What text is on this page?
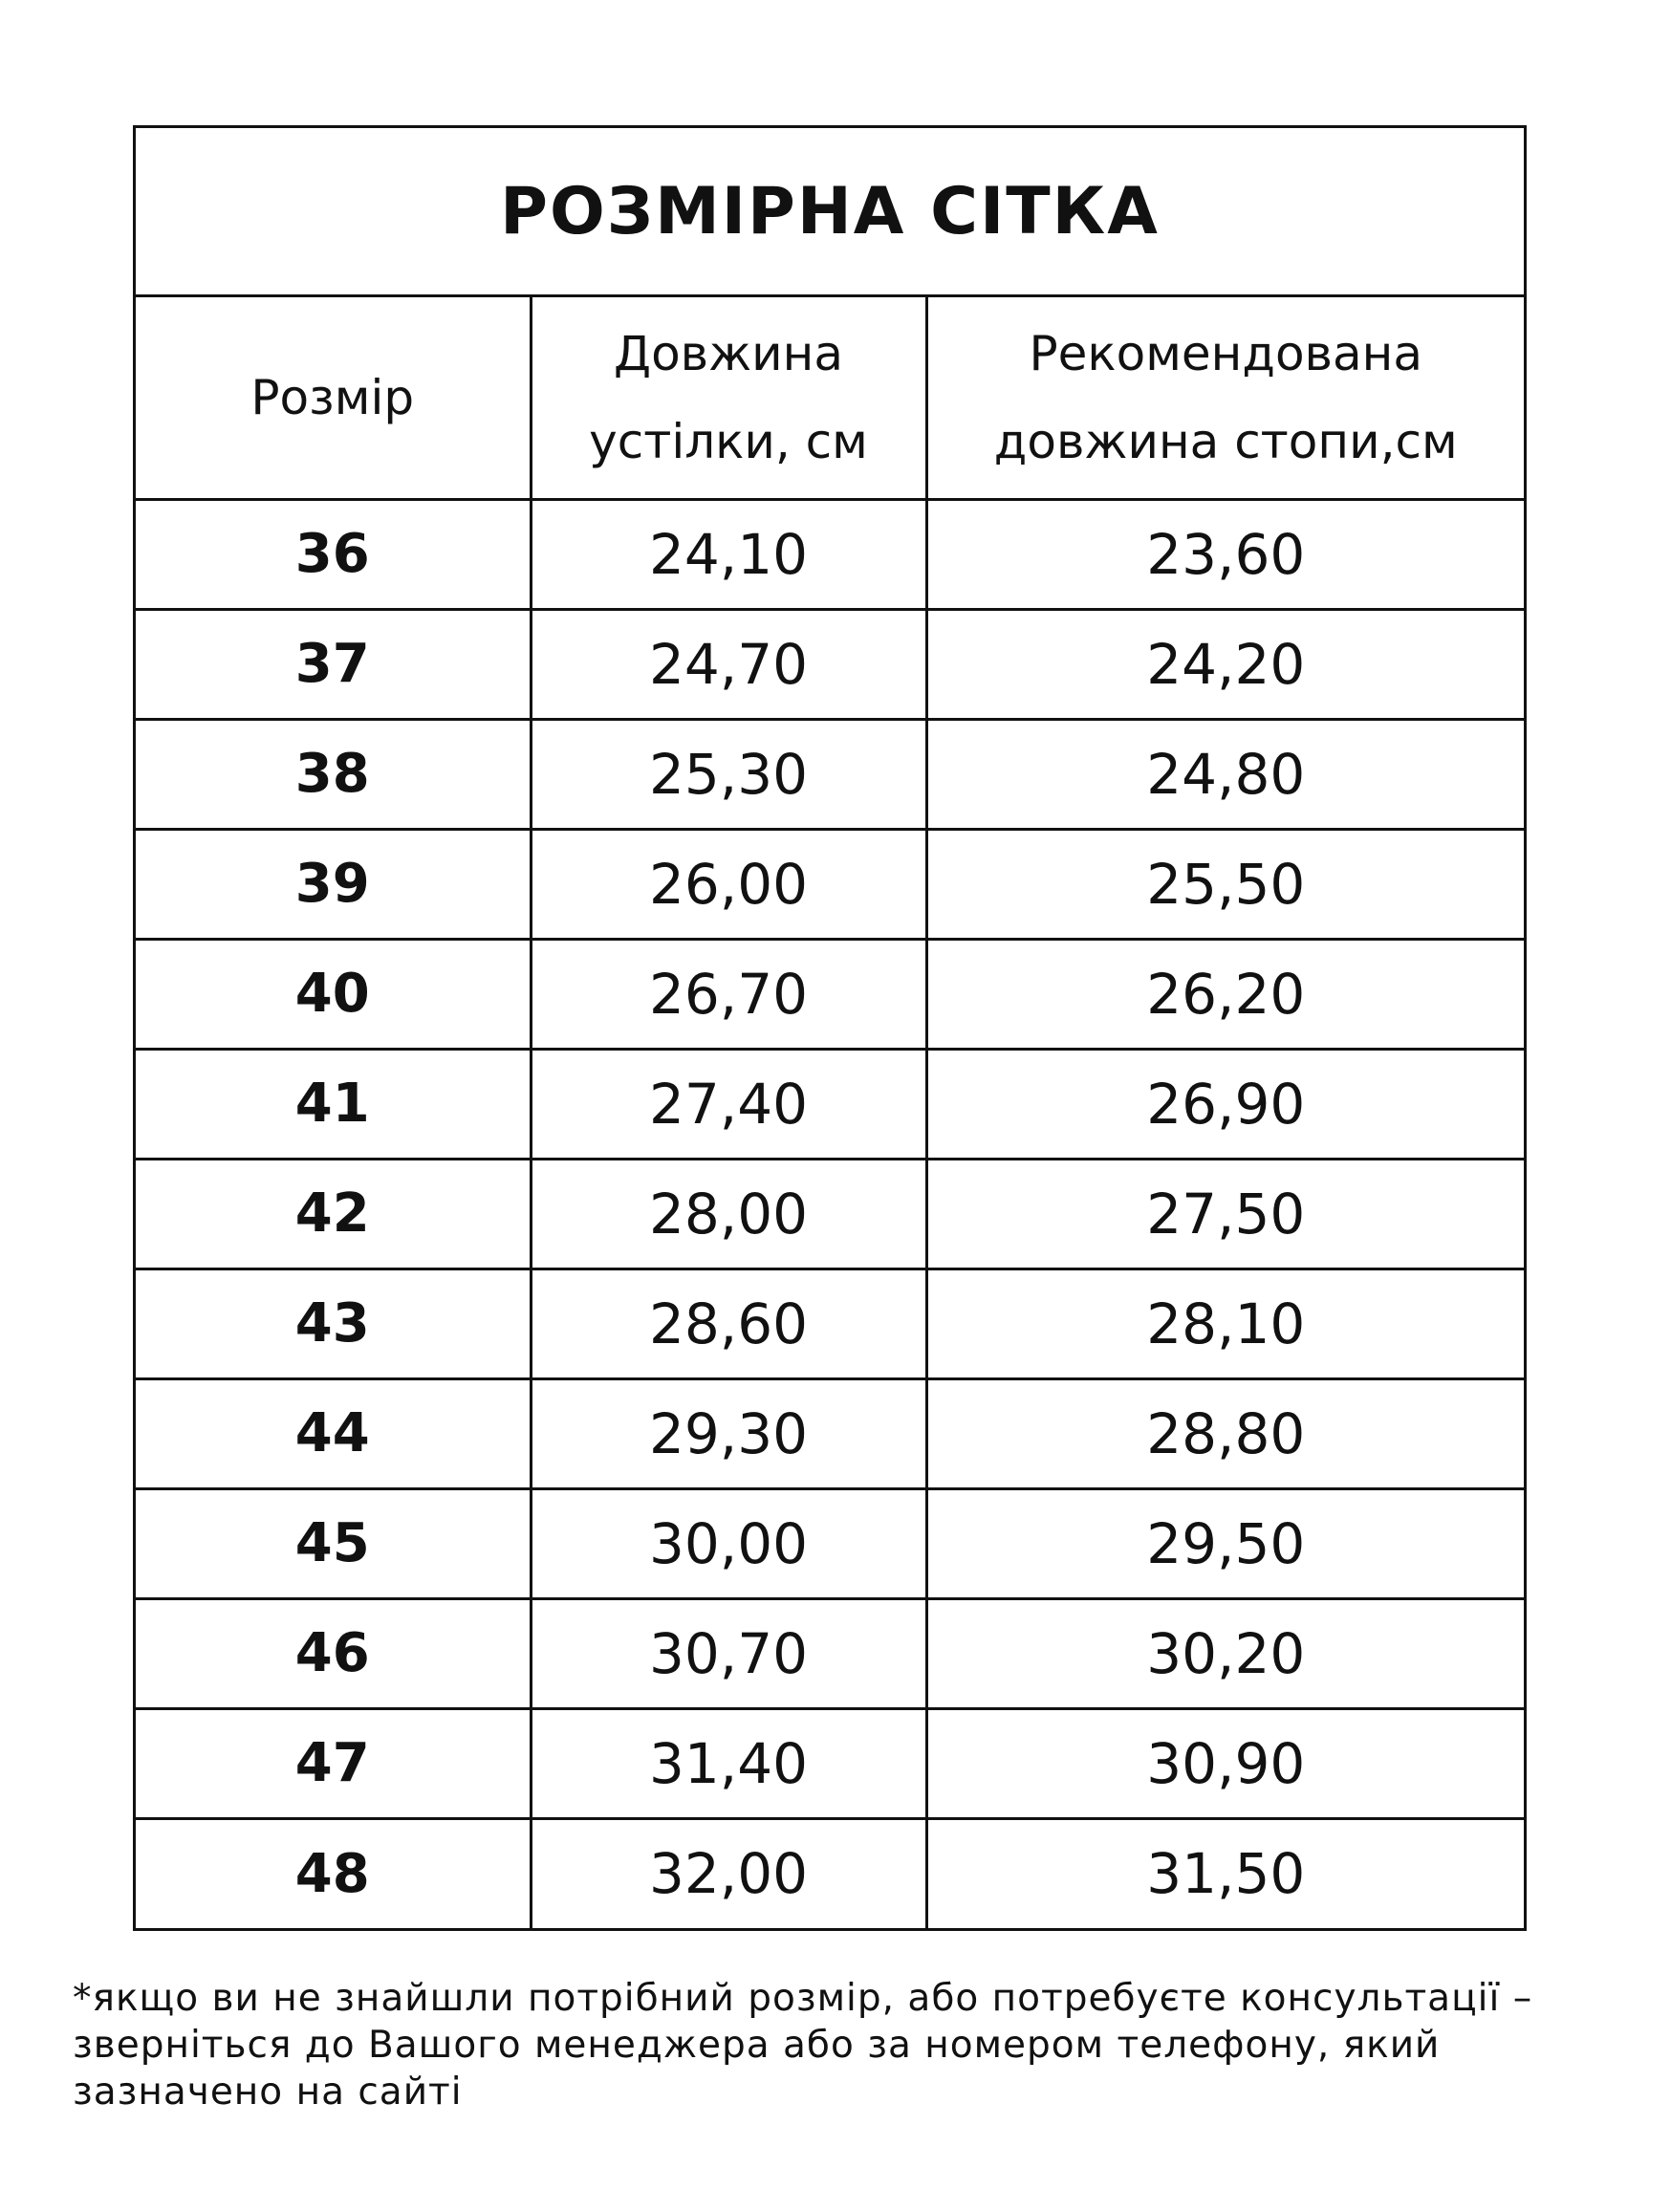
РОЗМІРНА СІТКА
Розмір	Довжина устілки, см	Рекомендована довжина стопи,см
36	24,10	23,60
37	24,70	24,20
38	25,30	24,80
39	26,00	25,50
40	26,70	26,20
41	27,40	26,90
42	28,00	27,50
43	28,60	28,10
44	29,30	28,80
45	30,00	29,50
46	30,70	30,20
47	31,40	30,90
48	32,00	31,50
*якщо ви не знайшли потрібний розмір, або потребуєте консультації –
зверніться до Вашого менеджера або за номером телефону, який
зазначено на сайті
